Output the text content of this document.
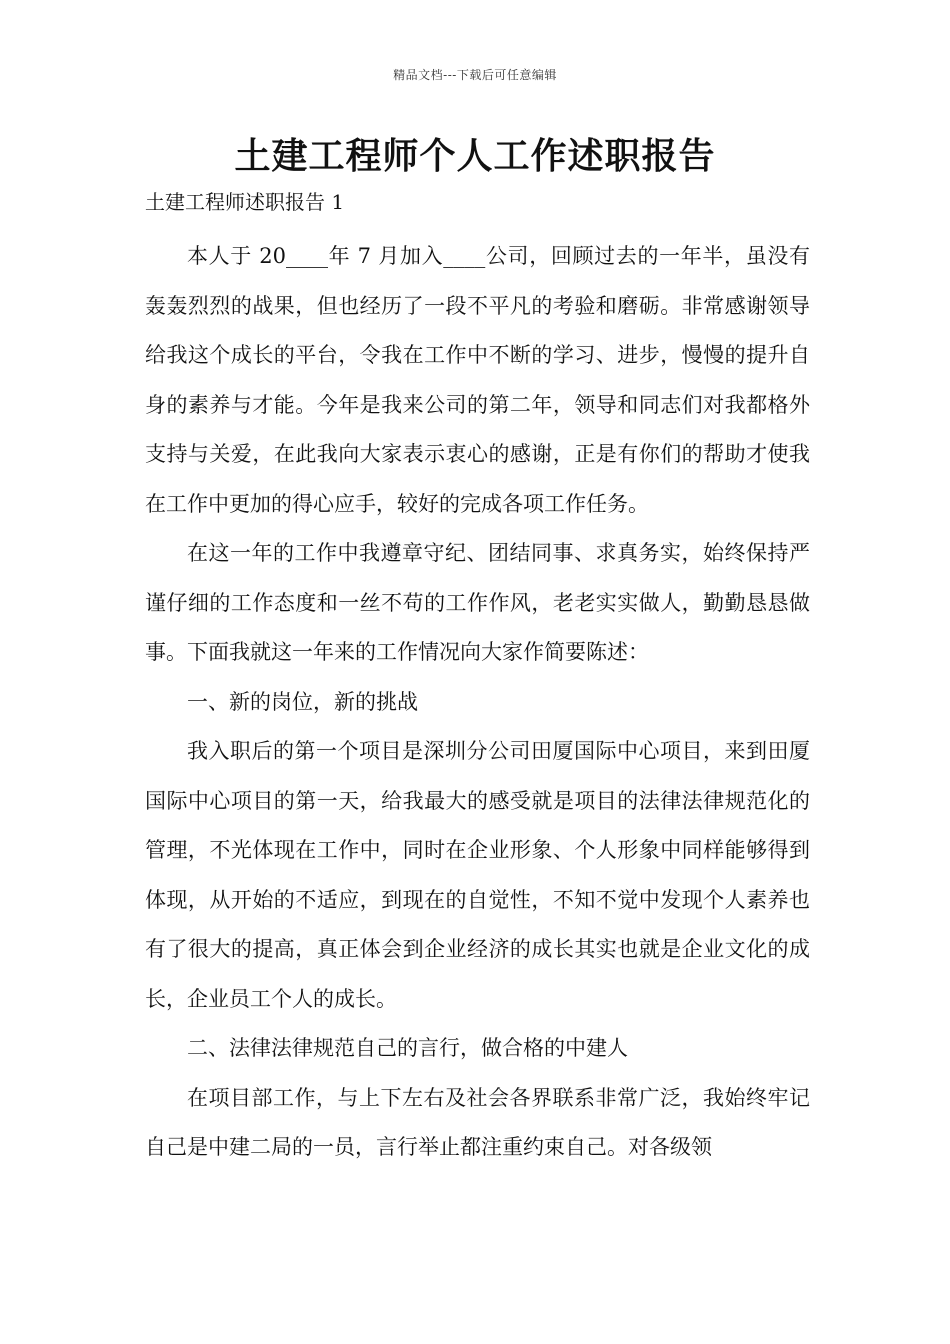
精品文档---下载后可任意编辑
土建工程师个人工作述职报告

土建工程师述职报告 1

本人于 20____年 7 月加入____公司，回顾过去的一年半，虽没有轰轰烈烈的战果，但也经历了一段不平凡的考验和磨砺。非常感谢领导给我这个成长的平台，令我在工作中不断的学习、进步，慢慢的提升自身的素养与才能。今年是我来公司的第二年，领导和同志们对我都格外支持与关爱，在此我向大家表示衷心的感谢，正是有你们的帮助才使我在工作中更加的得心应手，较好的完成各项工作任务。

在这一年的工作中我遵章守纪、团结同事、求真务实，始终保持严谨仔细的工作态度和一丝不苟的工作作风，老老实实做人，勤勤恳恳做事。下面我就这一年来的工作情况向大家作简要陈述：

一、新的岗位，新的挑战

我入职后的第一个项目是深圳分公司田厦国际中心项目，来到田厦国际中心项目的第一天，给我最大的感受就是项目的法律法律规范化的管理，不光体现在工作中，同时在企业形象、个人形象中同样能够得到体现，从开始的不适应，到现在的自觉性，不知不觉中发现个人素养也有了很大的提高，真正体会到企业经济的成长其实也就是企业文化的成长，企业员工个人的成长。

二、法律法律规范自己的言行，做合格的中建人

在项目部工作，与上下左右及社会各界联系非常广泛，我始终牢记自己是中建二局的一员，言行举止都注重约束自己。对各级领
